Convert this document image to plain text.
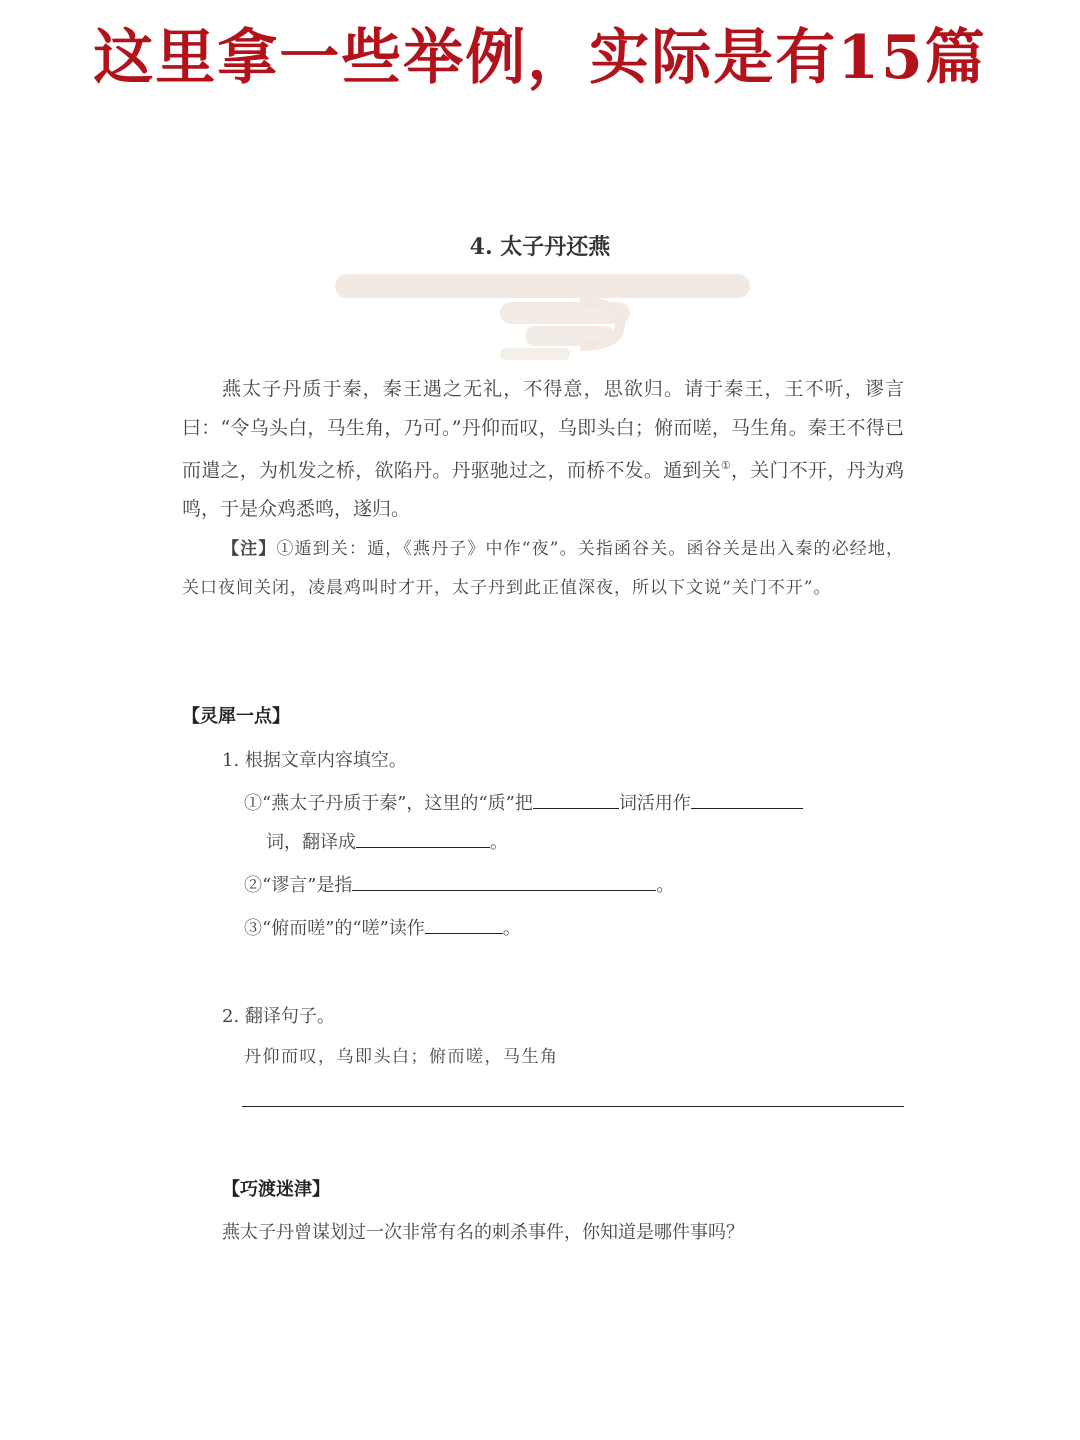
这里拿一些举例，实际是有15篇
4. 太子丹还燕
燕太子丹质于秦，秦王遇之无礼，不得意，思欲归。请于秦王，王不听，谬言曰：“令乌头白，马生角，乃可。”丹仰而叹，乌即头白；俯而嗟，马生角。秦王不得已而遣之，为机发之桥，欲陷丹。丹驱驰过之，而桥不发。遁到关①，关门不开，丹为鸡鸣，于是众鸡悉鸣，遂归。
【注】①遁到关：遁，《燕丹子》中作“夜”。关指函谷关。函谷关是出入秦的必经地，关口夜间关闭，凌晨鸡叫时才开，太子丹到此正值深夜，所以下文说“关门不开”。
【灵犀一点】
1. 根据文章内容填空。
①“燕太子丹质于秦”，这里的“质”把	词活用作
词，翻译成	。
②“谬言”是指	。
③“俯而嗟”的“嗟”读作	。
2. 翻译句子。
丹仰而叹，乌即头白；俯而嗟，马生角
【巧渡迷津】
燕太子丹曾谋划过一次非常有名的刺杀事件，你知道是哪件事吗？
